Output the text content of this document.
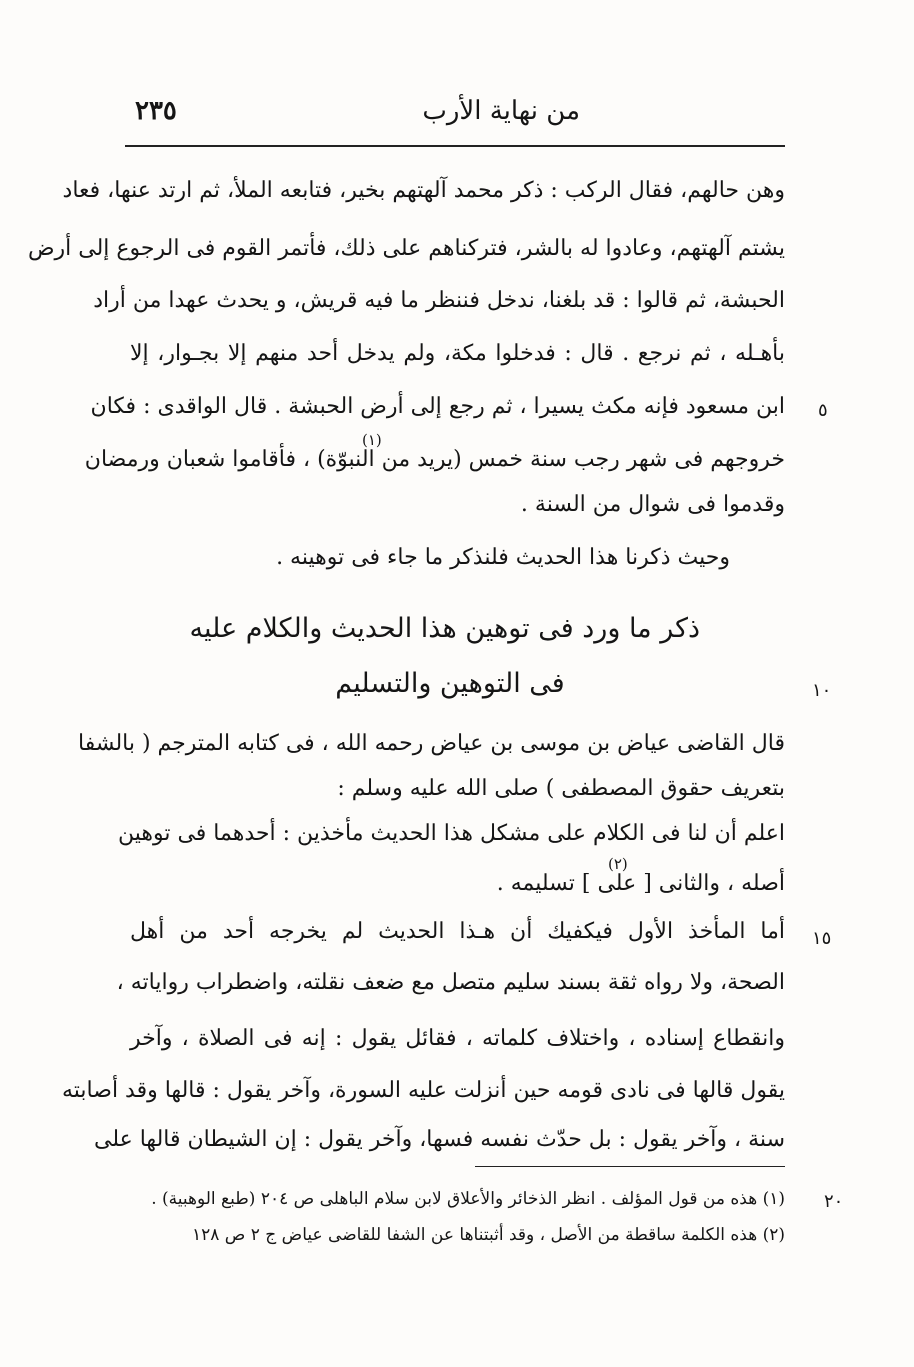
من نهاية الأرب
٢٣٥
وهن حالهم، فقال الركب : ذكر محمد آلهتهم بخير، فتابعه الملأ، ثم ارتد عنها، فعاد
يشتم آلهتهم، وعادوا له بالشر، فتركناهم على ذلك، فأتمر القوم فى الرجوع إلى أرض
الحبشة، ثم قالوا : قد بلغنا، ندخل فننظر ما فيه قريش، و يحدث عهدا من أراد
بأهـله ، ثم نرجع . قال : فدخلوا مكة، ولم يدخل أحد منهم إلا بجـوار، إلا
ابن مسعود فإنه مكث يسيرا ، ثم رجع إلى أرض الحبشة . قال الواقدى : فكان
خروجهم فى شهر رجب سنة خمس (يريد من النبوّة) ، فأقاموا شعبان ورمضان
(١)
وقدموا فى شوال من السنة .
وحيث ذكرنا هذا الحديث فلنذكر ما جاء فى توهينه .
ذكر ما ورد فى توهين هذا الحديث والكلام عليه
فى التوهين والتسليم
قال القاضى عياض بن موسى بن عياض رحمه الله ، فى كتابه المترجم ( بالشفا
بتعريف حقوق المصطفى ) صلى الله عليه وسلم :
اعلم أن لنا فى الكلام على مشكل هذا الحديث مأخذين : أحدهما فى توهين
(٢)
أصله ، والثانى [ على ] تسليمه .
أما المأخذ الأول فيكفيك أن هـذا الحديث لم يخرجه أحد من أهل
الصحة، ولا رواه ثقة بسند سليم متصل مع ضعف نقلته، واضطراب رواياته ،
وانقطاع إسناده ، واختلاف كلماته ، فقائل يقول : إنه فى الصلاة ، وآخر
يقول قالها فى نادى قومه حين أنزلت عليه السورة، وآخر يقول : قالها وقد أصابته
سنة ، وآخر يقول : بل حدّث نفسه فسها، وآخر يقول : إن الشيطان قالها على
٥
١٠
١٥
٢٠
(١) هذه من قول المؤلف . انظر الذخائر والأعلاق لابن سلام الباهلى ص ٢٠٤ (طبع الوهبية) .
(٢) هذه الكلمة ساقطة من الأصل ، وقد أثبتناها عن الشفا للقاضى عياض ج ٢ ص ١٢٨
